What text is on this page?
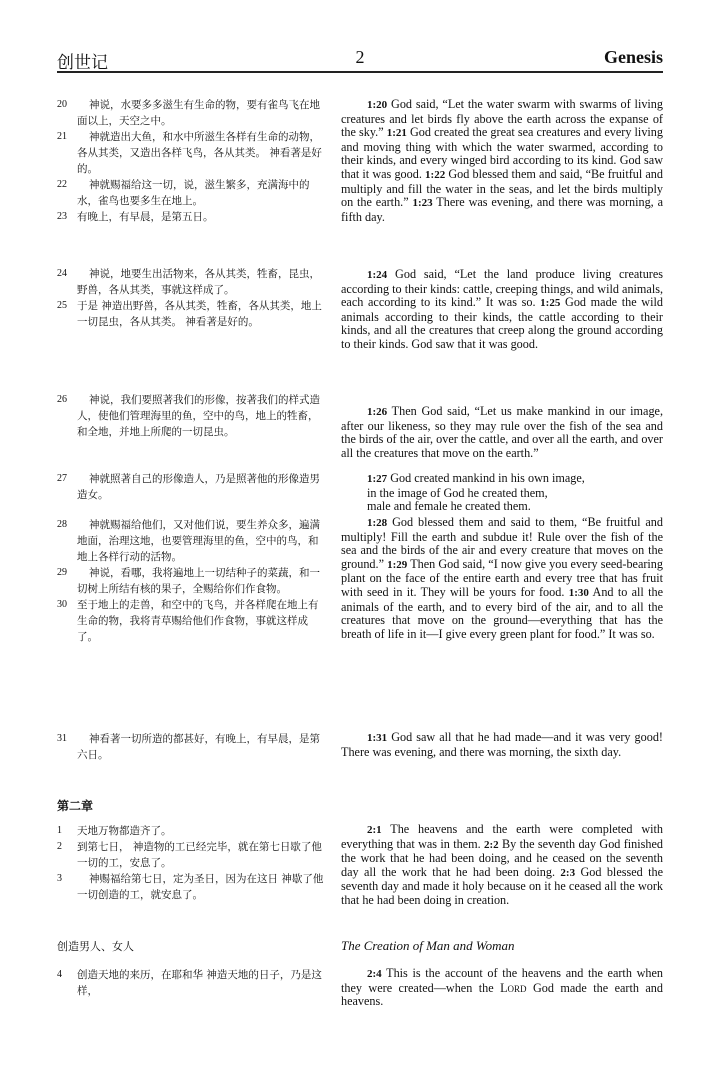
创世记	2	Genesis
20 神说，水要多多滋生有生命的物，要有雀鸟飞在地面以上，天空之中。
21 神就造出大鱼，和水中所滋生各样有生命的动物，各从其类，又造出各样飞鸟，各从其类。 神看著是好的。
22 神就赐福给这一切，说，滋生繁多，充满海中的水，雀鸟也要多生在地上。
23 有晚上，有早晨，是第五日。
24 神说，地要生出活物来，各从其类，牲畜，昆虫，野兽，各从其类，事就这样成了。
25 于是 神造出野兽，各从其类，牲畜，各从其类，地上一切昆虫，各从其类。 神看著是好的。
26 神说，我们要照著我们的形像，按著我们的样式造人，使他们管理海里的鱼，空中的鸟，地上的牲畜，和全地，并地上所爬的一切昆虫。
27 神就照著自己的形像造人，乃是照著他的形像造男造女。
28 神就赐福给他们，又对他们说，要生养众多，遍满地面，治理这地，也要管理海里的鱼，空中的鸟，和地上各样行动的活物。
29 神说，看哪，我将遍地上一切结种子的菜蔬，和一切树上所结有核的果子，全赐给你们作食物。
30 至于地上的走兽，和空中的飞鸟，并各样爬在地上有生命的物，我将青草赐给他们作食物，事就这样成了。
31 神看著一切所造的都甚好，有晚上，有早晨，是第六日。
1 天地万物都造齐了。
2 到第七日， 神造物的工已经完毕，就在第七日歇了他一切的工，安息了。
3	神赐福给第七日，定为圣日，因为在这日 神歇了他一切创造的工，就安息了。
4 创造天地的来历，在耶和华 神造天地的日子，乃是这样，

1:20 God said, “Let the water swarm with swarms of living creatures and let birds fly above the earth across the expanse of the sky.” 1:21 God created the great sea creatures and every living and moving thing with which the water swarmed, according to their kinds, and every winged bird according to its kind. God saw that it was good. 1:22 God blessed them and said, “Be fruitful and multiply and fill the water in the seas, and let the birds multiply on the earth.” 1:23 There was evening, and there was morning, a fifth day.

1:24 God said, “Let the land produce living creatures according to their kinds: cattle, creeping things, and wild animals, each according to its kind.” It was so. 1:25 God made the wild animals according to their kinds, the cattle according to their kinds, and all the creatures that creep along the ground according to their kinds. God saw that it was good.

1:26 Then God said, “Let us make mankind in our image, after our likeness, so they may rule over the fish of the sea and the birds of the air, over the cattle, and over all the earth, and over all the creatures that move on the earth.”

1:27 God created mankind in his own image,
in the image of God he created them,
male and female he created them.

1:28 God blessed them and said to them, “Be fruitful and multiply! Fill the earth and subdue it! Rule over the fish of the sea and the birds of the air and every creature that moves on the ground.” 1:29 Then God said, “I now give you every seed-bearing plant on the face of the entire earth and every tree that has fruit with seed in it. They will be yours for food. 1:30 And to all the animals of the earth, and to every bird of the air, and to all the creatures that move on the ground—everything that has the breath of life in it—I give every green plant for food.” It was so.

1:31 God saw all that he had made—and it was very good! There was evening, and there was morning, the sixth day.

2:1 The heavens and the earth were completed with everything that was in them. 2:2 By the seventh day God finished the work that he had been doing, and he ceased on the seventh day all the work that he had been doing. 2:3 God blessed the seventh day and made it holy because on it he ceased all the work that he had been doing in creation.

2:4 This is the account of the heavens and the earth when they were created—when the Lord God made the earth and heavens.

第二章
创造男人、女人	The Creation of Man and Woman
